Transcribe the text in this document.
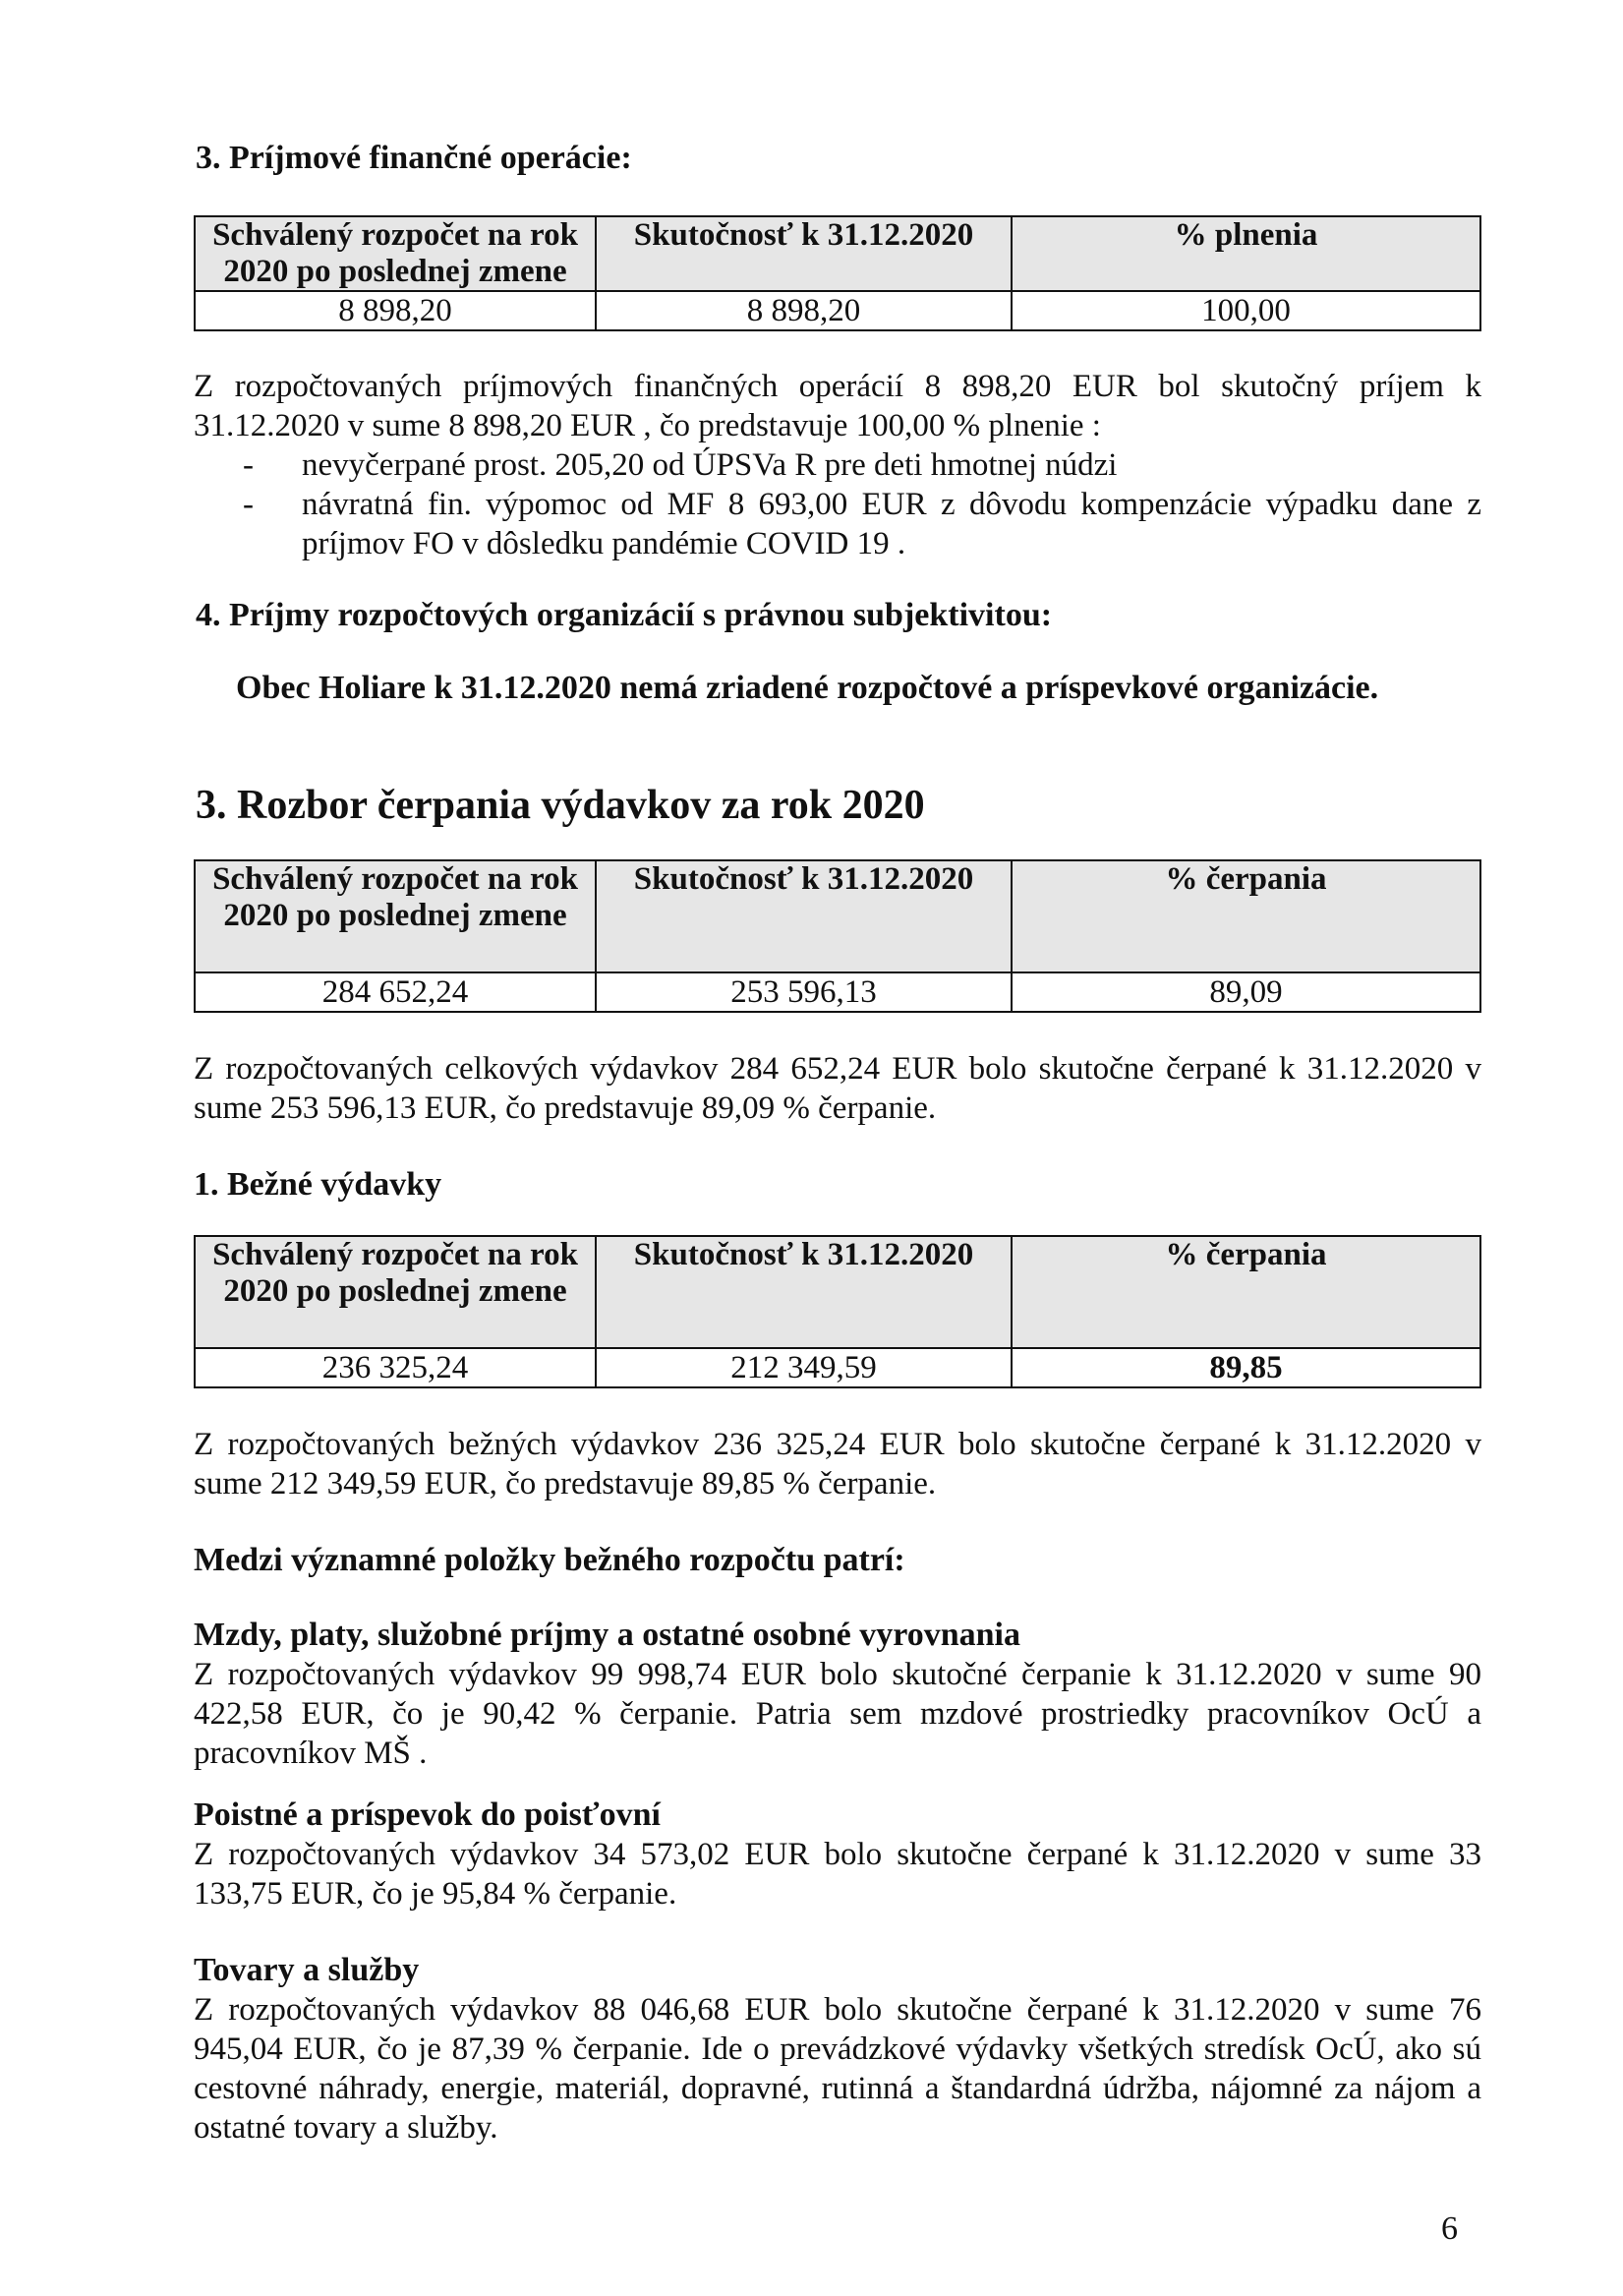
3. Príjmové finančné operácie:
Schválený rozpočet na rok 2020 po poslednej zmene	Skutočnosť k 31.12.2020	% plnenia
8 898,20	8 898,20	100,00

Z rozpočtovaných príjmových finančných operácií 8 898,20 EUR bol skutočný príjem k 31.12.2020 v sume 8 898,20 EUR , čo predstavuje 100,00 % plnenie :

- nevyčerpané prost. 205,20 od ÚPSVa R pre deti hmotnej núdzi
- návratná fin. výpomoc od MF 8 693,00 EUR z dôvodu kompenzácie výpadku dane z príjmov FO v dôsledku pandémie COVID 19 .
4. Príjmy rozpočtových organizácií s právnou subjektivitou:

Obec Holiare k 31.12.2020 nemá zriadené rozpočtové a príspevkové organizácie.

3. Rozbor čerpania výdavkov za rok 2020
Schválený rozpočet na rok 2020 po poslednej zmene	Skutočnosť k 31.12.2020	% čerpania
284 652,24	253 596,13	89,09

Z rozpočtovaných celkových výdavkov 284 652,24 EUR bolo skutočne čerpané k 31.12.2020 v sume 253 596,13 EUR, čo predstavuje 89,09 % čerpanie.

1. Bežné výdavky
Schválený rozpočet na rok 2020 po poslednej zmene	Skutočnosť k 31.12.2020	% čerpania
236 325,24	212 349,59	89,85

Z rozpočtovaných bežných výdavkov 236 325,24 EUR bolo skutočne čerpané k 31.12.2020 v sume 212 349,59 EUR, čo predstavuje 89,85 % čerpanie.

Medzi významné položky bežného rozpočtu patrí:
Mzdy, platy, služobné príjmy a ostatné osobné vyrovnania

Z rozpočtovaných výdavkov 99 998,74 EUR bolo skutočné čerpanie k 31.12.2020 v sume 90 422,58 EUR, čo je 90,42 % čerpanie. Patria sem mzdové prostriedky pracovníkov OcÚ a pracovníkov MŠ .

Poistné a príspevok do poisťovní

Z rozpočtovaných výdavkov 34 573,02 EUR bolo skutočne čerpané k 31.12.2020 v sume 33 133,75 EUR, čo je 95,84 % čerpanie.

Tovary a služby

Z rozpočtovaných výdavkov 88 046,68 EUR bolo skutočne čerpané k 31.12.2020 v sume 76 945,04 EUR, čo je 87,39 % čerpanie. Ide o prevádzkové výdavky všetkých stredísk OcÚ, ako sú cestovné náhrady, energie, materiál, dopravné, rutinná a štandardná údržba, nájomné za nájom a ostatné tovary a služby.

6
